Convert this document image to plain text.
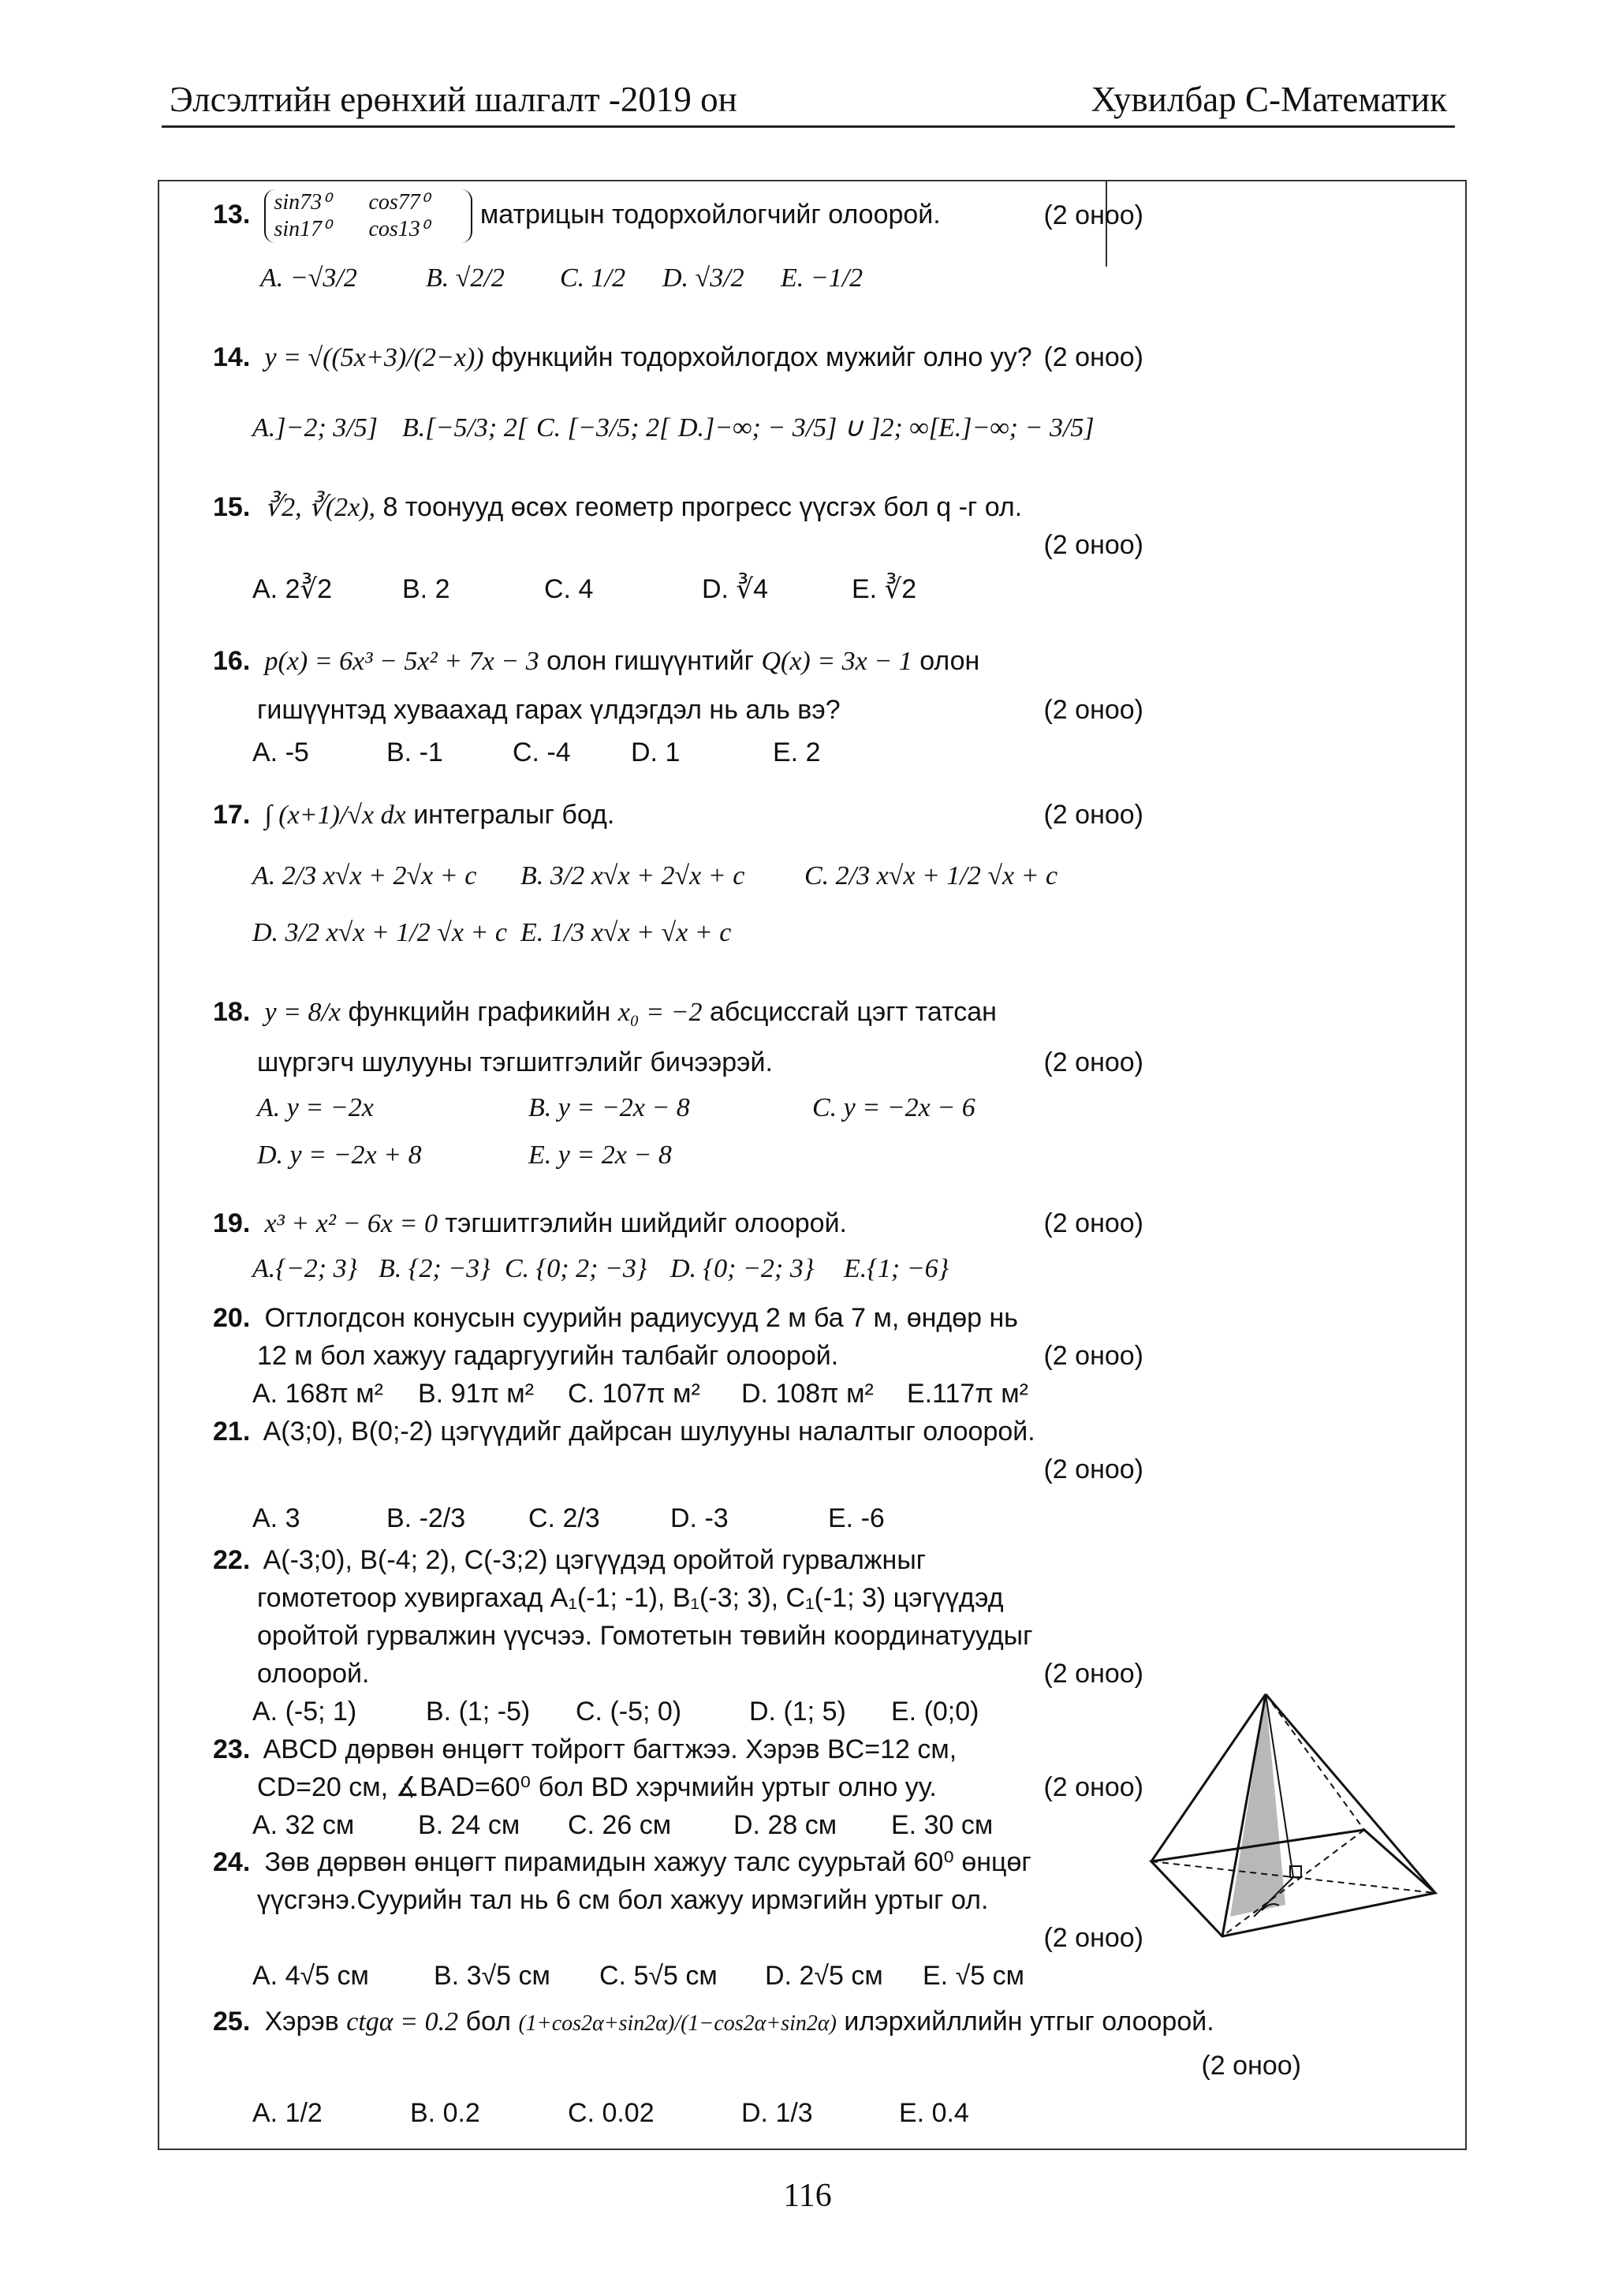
Элсэлтийн ерөнхий шалгалт -2019 он	Хувилбар С-Математик
13. sin73⁰ cos77⁰
sin17⁰ cos13⁰	матрицын тодорхойлогчийг олоорой.	(2 оноо)
A. −√3/2	B. √2/2 C. 1/2 D. √3/2 E. −1/2
14. y = √((5x+3)/(2−x)) функцийн тодорхойлогдох мужийг олно уу? (2 оноо)
A.]−2; 3/5] B.[−5/3; 2[ C. [−3/5; 2[ D.]−∞; − 3/5] ∪ ]2; ∞[ E.]−∞; − 3/5]
15. ∛2, ∛(2x), 8 тоонууд өсөх геометр прогресс үүсгэх бол q -г ол.
(2 оноо)
A. 2∛2	B. 2	C. 4	D. ∛4	E. ∛2
16. p(x) = 6x³ − 5x² + 7x − 3 олон гишүүнтийг Q(x) = 3x − 1 олон
гишүүнтэд хуваахад гарах үлдэгдэл нь аль вэ?	(2 оноо)
A. -5	B. -1	C. -4 D. 1	E. 2
17. ∫ (x+1)/√x dx интегралыг бод.	(2 оноо)
A. 2/3 x√x + 2√x + c B. 3/2 x√x + 2√x + c C. 2/3 x√x + 1/2 √x + c
D. 3/2 x√x + 1/2 √x + c E. 1/3 x√x + √x + c
18. y = 8/x функцийн графикийн x₀ = −2 абсциссгай цэгт татсан
шүргэгч шулууны тэгшитгэлийг бичээрэй.	(2 оноо)
A. y = −2x	B. y = −2x − 8	C. y = −2x − 6
D. y = −2x + 8	E. y = 2x − 8
19. x³ + x² − 6x = 0 тэгшитгэлийн шийдийг олоорой.	(2 оноо)
A.{−2; 3} B. {2; −3} C. {0; 2; −3} D. {0; −2; 3} E.{1; −6}
20. Огтлогдсон конусын суурийн радиусууд 2 м ба 7 м, өндөр нь
12 м бол хажуу гадаргуугийн талбайг олоорой.	(2 оноо)
A. 168π м² B. 91π м² C. 107π м² D. 108π м² E.117π м²
21. A(3;0), B(0;-2) цэгүүдийг дайрсан шулууны налалтыг олоорой.
(2 оноо)
A. 3	B. -2/3 C. 2/3	D. -3	E. -6
22. A(-3;0), B(-4; 2), C(-3;2) цэгүүдэд оройтой гурвалжныг
гомотетоор хувиргахад A₁(-1; -1), B₁(-3; 3), C₁(-1; 3) цэгүүдэд
оройтой гурвалжин үүсчээ. Гомотетын төвийн координатуудыг
олоорой.	(2 оноо)
A. (-5; 1)	B. (1; -5) C. (-5; 0)	D. (1; 5) E. (0;0)
23. ABCD дөрвөн өнцөгт тойрогт багтжээ. Хэрэв BC=12 см,
CD=20 см, ∡BAD=60⁰ бол BD хэрчмийн уртыг олно уу.	(2 оноо)
A. 32 см B. 24 см C. 26 см D. 28 см E. 30 см
24. Зөв дөрвөн өнцөгт пирамидын хажуу талс суурьтай 60⁰ өнцөг
үүсгэнэ.Суурийн тал нь 6 см бол хажуу ирмэгийн уртыг ол.
(2 оноо)
A. 4√5 см B. 3√5 см C. 5√5 см D. 2√5 см E. √5 см
25. Хэрэв ctgα = 0.2 бол (1+cos2α+sin2α)/(1−cos2α+sin2α) илэрхийллийн утгыг олоорой.
(2 оноо)
A. 1/2	B. 0.2	C. 0.02	D. 1/3	E. 0.4
116
